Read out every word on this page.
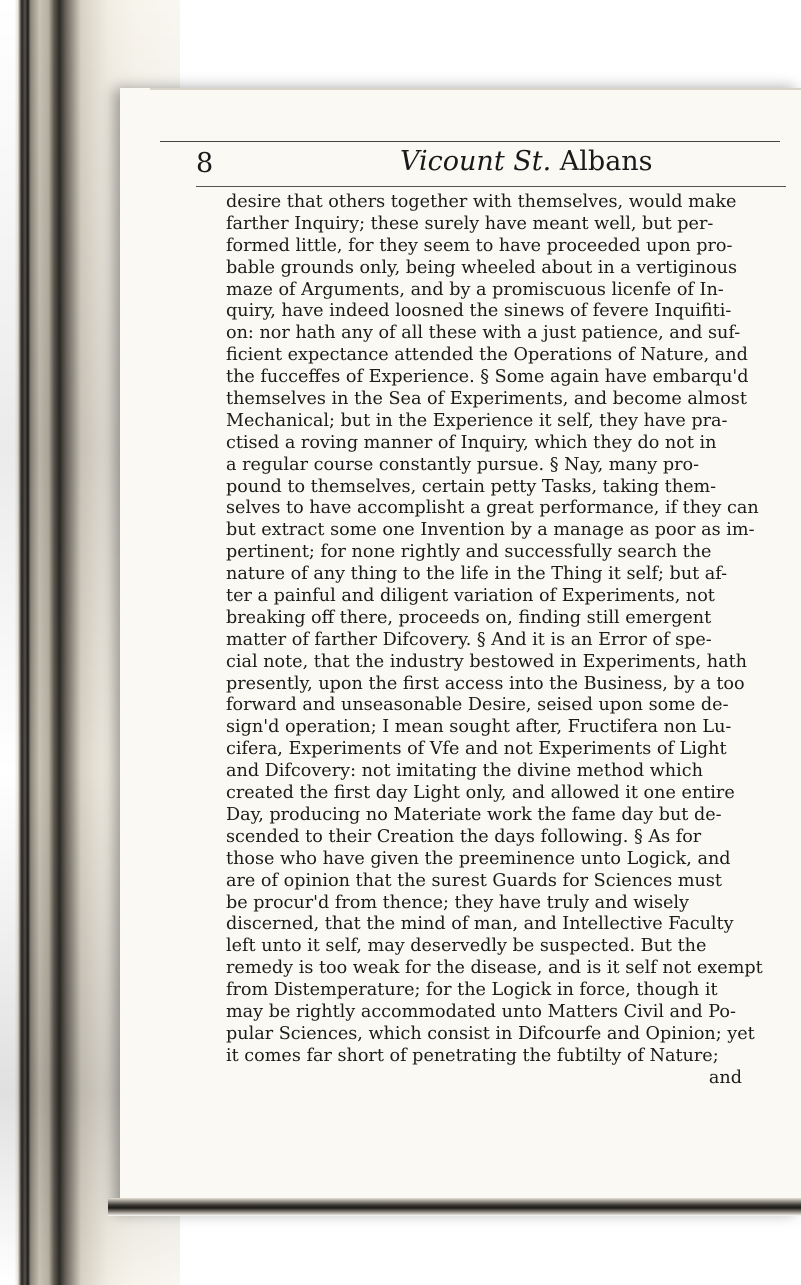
8	Vicount St. Albans
desire that others together with themselves, would make
farther Inquiry; these surely have meant well, but per-
formed little, for they seem to have proceeded upon pro-
bable grounds only, being wheeled about in a vertiginous
maze of Arguments, and by a promiscuous licenfe of In-
quiry, have indeed loosned the sinews of fevere Inquifiti-
on: nor hath any of all these with a just patience, and suf-
ficient expectance attended the Operations of Nature, and
the fucceffes of Experience. § Some again have embarqu'd
themselves in the Sea of Experiments, and become almost
Mechanical; but in the Experience it self, they have pra-
ctised a roving manner of Inquiry, which they do not in
a regular course constantly pursue. § Nay, many pro-
pound to themselves, certain petty Tasks, taking them-
selves to have accomplisht a great performance, if they can
but extract some one Invention by a manage as poor as im-
pertinent; for none rightly and successfully search the
nature of any thing to the life in the Thing it self; but af-
ter a painful and diligent variation of Experiments, not
breaking off there, proceeds on, finding still emergent
matter of farther Difcovery. § And it is an Error of spe-
cial note, that the industry bestowed in Experiments, hath
presently, upon the first access into the Business, by a too
forward and unseasonable Desire, seised upon some de-
sign'd operation; I mean sought after, Fructifera non Lu-
cifera, Experiments of Vfe and not Experiments of Light
and Difcovery: not imitating the divine method which
created the first day Light only, and allowed it one entire
Day, producing no Materiate work the fame day but de-
scended to their Creation the days following. § As for
those who have given the preeminence unto Logick, and
are of opinion that the surest Guards for Sciences must
be procur'd from thence; they have truly and wisely
discerned, that the mind of man, and Intellective Faculty
left unto it self, may deservedly be suspected. But the
remedy is too weak for the disease, and is it self not exempt
from Distemperature; for the Logick in force, though it
may be rightly accommodated unto Matters Civil and Po-
pular Sciences, which consist in Difcourfe and Opinion; yet
it comes far short of penetrating the fubtilty of Nature;
and
